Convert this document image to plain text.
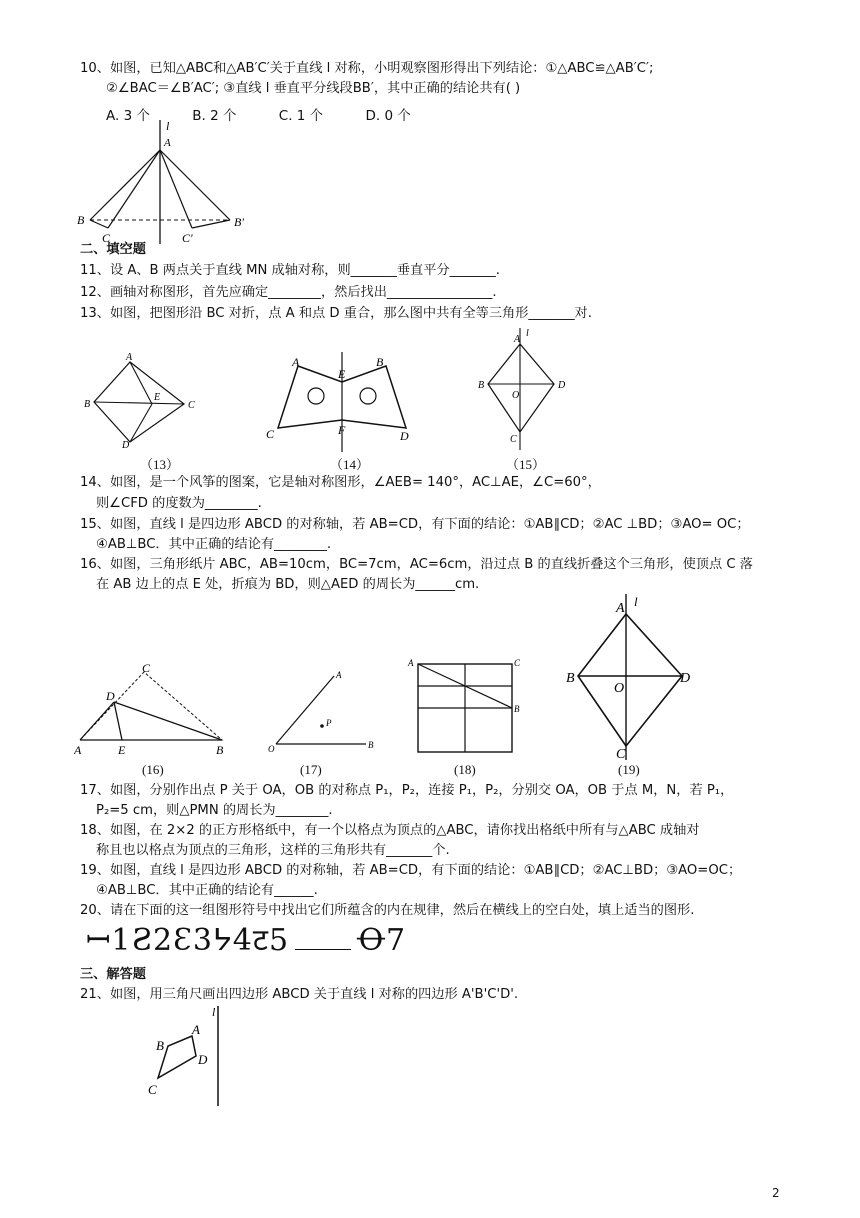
10、如图，已知△ABC和△AB′C′关于直线 l 对称，小明观察图形得出下列结论：①△ABC≌△AB′C′;
②∠BAC＝∠B′AC′; ③直线 l 垂直平分线段BB′，其中正确的结论共有( )
A. 3 个	B. 2 个	C. 1 个	D. 0 个
l
A
B
C	C′
B′
二、填空题
11、设 A、B 两点关于直线 MN 成轴对称，则_______垂直平分_______.
12、画轴对称图形，首先应确定________，然后找出________________.
13、如图，把图形沿 BC 对折，点 A 和点 D 重合，那么图中共有全等三角形_______对.
A
B
E
C
D
（13）
A
E
B
C	F	D
（14）
l
A
B
O
D
C
（15）
14、如图，是一个风筝的图案，它是轴对称图形，∠AEB= 140°，AC⊥AE，∠C=60°，
则∠CFD 的度数为________.
15、如图，直线 l 是四边形 ABCD 的对称轴，若 AB=CD，有下面的结论：①AB∥CD；②AC ⊥BD；③AO= OC；
④AB⊥BC．其中正确的结论有________.
16、如图，三角形纸片 ABC，AB=10cm，BC=7cm，AC=6cm，沿过点 B 的直线折叠这个三角形，使顶点 C 落
在 AB 边上的点 E 处，折痕为 BD，则△AED 的周长为______cm.
C
D
A	E	B
(16)
O
A
B
P
(17)
A	C
B
(18)
l
A
B
O
D
C
(19)
17、如图，分别作出点 P 关于 OA，OB 的对称点 P₁，P₂，连接 P₁，P₂，分别交 OA，OB 于点 M，N，若 P₁，
P₂=5 cm，则△PMN 的周长为________.
18、如图，在 2×2 的正方形格纸中，有一个以格点为顶点的△ABC，请你找出格纸中所有与△ABC 成轴对
称且也以格点为顶点的三角形，这样的三角形共有_______个.
19、如图，直线 l 是四边形 ABCD 的对称轴，若 AB=CD，有下面的结论：①AB∥CD；②AC⊥BD；③AO=OC；
④AB⊥BC．其中正确的结论有______.
20、请在下面的这一组图形符号中找出它们所蕴含的内在规律，然后在横线上的空白处，填上适当的图形.
ꟷ1Ƨ2Ɛ3ᔭ4ट5 Ꝋ7
三、解答题
21、如图，用三角尺画出四边形 ABCD 关于直线 l 对称的四边形 A'B'C'D'.
l
A
B
D
C
2
